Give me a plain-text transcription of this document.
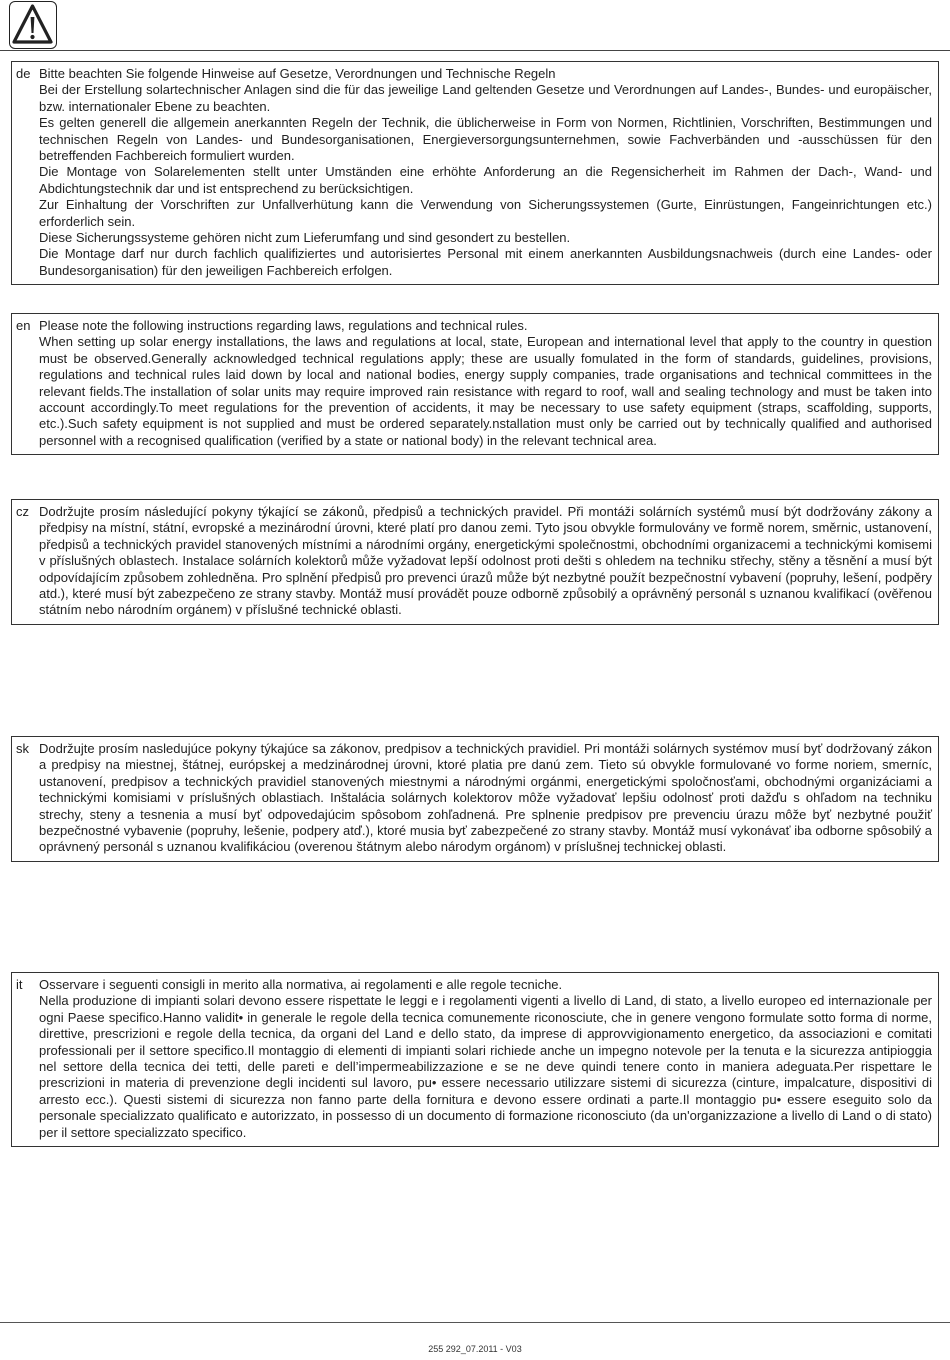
de Bitte beachten Sie folgende Hinweise auf Gesetze, Verordnungen und Technische Regeln

Bei der Erstellung solartechnischer Anlagen sind die für das jeweilige Land geltenden Gesetze und Verordnungen auf Landes-, Bundes- und europäischer, bzw. internationaler Ebene zu beachten.

Es gelten generell die allgemein anerkannten Regeln der Technik, die üblicherweise in Form von Normen, Richtlinien, Vorschriften, Bestimmungen und technischen Regeln von Landes- und Bundesorganisationen, Energieversorgungsunternehmen, sowie Fachverbänden und -ausschüssen für den betreffenden Fachbereich formuliert wurden.

Die Montage von Solarelementen stellt unter Umständen eine erhöhte Anforderung an die Regensicherheit im Rahmen der Dach-, Wand- und Abdichtungstechnik dar und ist entsprechend zu berücksichtigen.

Zur Einhaltung der Vorschriften zur Unfallverhütung kann die Verwendung von Sicherungssystemen (Gurte, Einrüstungen, Fangeinrichtungen etc.) erforderlich sein.

Diese Sicherungssysteme gehören nicht zum Lieferumfang und sind gesondert zu bestellen.

Die Montage darf nur durch fachlich qualifiziertes und autorisiertes Personal mit einem anerkannten Ausbildungsnachweis (durch eine Landes- oder Bundesorganisation) für den jeweiligen Fachbereich erfolgen.

en Please note the following instructions regarding laws, regulations and technical rules.

When setting up solar energy installations, the laws and regulations at local, state, European and international level that apply to the country in question must be observed.Generally acknowledged technical regulations apply; these are usually fomulated in the form of standards, guidelines, provisions, regulations and technical rules laid down by local and national bodies, energy supply companies, trade organisations and technical committees in the relevant fields.The installation of solar units may require improved rain resistance with regard to roof, wall and sealing technology and must be taken into account accordingly.To meet regulations for the prevention of accidents, it may be necessary to use safety equipment (straps, scaffolding, supports, etc.).Such safety equipment is not supplied and must be ordered separately.nstallation must only be carried out by technically qualified and authorised personnel with a recognised qualification (verified by a state or national body) in the relevant technical area.

cz Dodržujte prosím následující pokyny týkající se zákonů, předpisů a technických pravidel. Při montáži solárních systémů musí být dodržovány zákony a předpisy na místní, státní, evropské a mezinárodní úrovni, které platí pro danou zemi. Tyto jsou obvykle formulovány ve formě norem, směrnic, ustanovení, předpisů a technických pravidel stanovených místními a národními orgány, energetickými společnostmi, obchodními organizacemi a technickými komisemi v příslušných oblastech. Instalace solárních kolektorů může vyžadovat lepší odolnost proti dešti s ohledem na techniku střechy, stěny a těsnění a musí být odpovídajícím způsobem zohledněna. Pro splnění předpisů pro prevenci úrazů může být nezbytné použít bezpečnostní vybavení (popruhy, lešení, podpěry atd.), které musí být zabezpečeno ze strany stavby. Montáž musí provádět pouze odborně způsobilý a oprávněný personál s uznanou kvalifikací (ověřenou státním nebo národním orgánem) v příslušné technické oblasti.

sk Dodržujte prosím nasledujúce pokyny týkajúce sa zákonov, predpisov a technických pravidiel. Pri montáži solárnych systémov musí byť dodržovaný zákon a predpisy na miestnej, štátnej, európskej a medzinárodnej úrovni, ktoré platia pre danú zem. Tieto sú obvykle formulované vo forme noriem, smerníc, ustanovení, predpisov a technických pravidiel stanovených miestnymi a národnými orgánmi, energetickými spoločnosťami, obchodnými organizáciami a technickými komisiami v príslušných oblastiach. Inštalácia solárnych kolektorov môže vyžadovať lepšiu odolnosť proti dažďu s ohľadom na techniku strechy, steny a tesnenia a musí byť odpovedajúcim spôsobom zohľadnená. Pre splnenie predpisov pre prevenciu úrazu môže byť nezbytné použiť bezpečnostné vybavenie (popruhy, lešenie, podpery atď.), ktoré musia byť zabezpečené zo strany stavby. Montáž musí vykonávať iba odborne spôsobilý a oprávnený personál s uznanou kvalifikáciou (overenou štátnym alebo národym orgánom) v príslušnej technickej oblasti.

it	Osservare i seguenti consigli in merito alla normativa, ai regolamenti e alle regole tecniche.

Nella produzione di impianti solari devono essere rispettate le leggi e i regolamenti vigenti a livello di Land, di stato, a livello europeo ed internazionale per ogni Paese specifico.Hanno validit• in generale le regole della tecnica comunemente riconosciute, che in genere vengono formulate sotto forma di norme, direttive, prescrizioni e regole della tecnica, da organi del Land e dello stato, da imprese di approvvigionamento energetico, da associazioni e comitati professionali per il settore specifico.Il montaggio di elementi di impianti solari richiede anche un impegno notevole per la tenuta e la sicurezza antipioggia nel settore della tecnica dei tetti, delle pareti e dell’impermeabilizzazione e se ne deve quindi tenere conto in maniera adeguata.Per rispettare le prescrizioni in materia di prevenzione degli incidenti sul lavoro, pu• essere necessario utilizzare sistemi di sicurezza (cinture, impalcature, dispositivi di arresto ecc.). Questi sistemi di sicurezza non fanno parte della fornitura e devono essere ordinati a parte.Il montaggio pu• essere eseguito solo da personale specializzato qualificato e autorizzato, in possesso di un documento di formazione riconosciuto (da un'organizzazione a livello di Land o di stato) per il settore specializzato specifico.

255 292_07.2011 - V03
